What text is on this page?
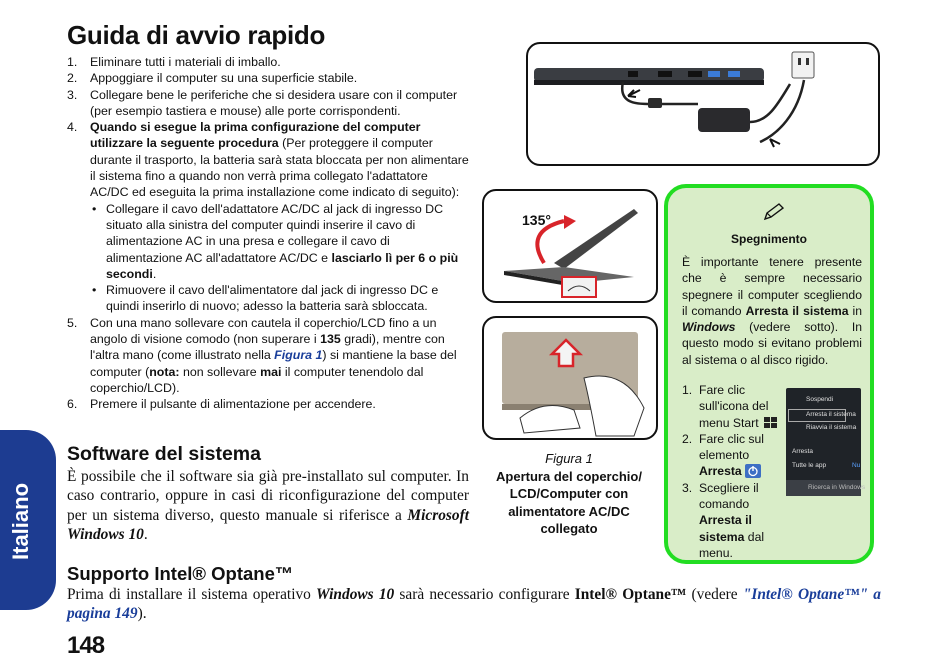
Italiano
Guida di avvio rapido
1. Eliminare tutti i materiali di imballo.
2. Appoggiare il computer su una superficie stabile.
3. Collegare bene le periferiche che si desidera usare con il computer (per esempio tastiera e mouse) alle porte corrispondenti.
4. Quando si esegue la prima configurazione del computer utilizzare la seguente procedura (Per proteggere il computer durante il trasporto, la batteria sarà stata bloccata per non alimentare il sistema fino a quando non verrà prima collegato l'adattatore AC/DC ed eseguita la prima installazione come indicato di seguito):
• Collegare il cavo dell'adattatore AC/DC al jack di ingresso DC situato alla sinistra del computer quindi inserire il cavo di alimentazione AC in una presa e collegare il cavo di alimentazione AC all'adattatore AC/DC e lasciarlo lì per 6 o più secondi.
• Rimuovere il cavo dell'alimentatore dal jack di ingresso DC e quindi inserirlo di nuovo; adesso la batteria sarà sbloccata.
5. Con una mano sollevare con cautela il coperchio/LCD fino a un angolo di visione comodo (non superare i 135 gradi), mentre con l'altra mano (come illustrato nella Figura 1) si mantiene la base del computer (nota: non sollevare mai il computer tenendolo dal coperchio/LCD).
6. Premere il pulsante di alimentazione per accendere.
Software del sistema
È possibile che il software sia già pre-installato sul computer. In caso contrario, oppure in casi di riconfigurazione del computer per un sistema diverso, questo manuale si riferisce a Microsoft Windows 10.
Supporto Intel® Optane™
Prima di installare il sistema operativo Windows 10 sarà necessario configurare Intel® Optane™ (vedere "Intel® Optane™" a pagina 149).
148
135°
Figura 1
Apertura del coperchio/ LCD/Computer con alimentatore AC/DC collegato
Spegnimento
È importante tenere presente che è sempre necessario spegnere il computer scegliendo il comando Arresta il sistema in Windows (vedere sotto). In questo modo si evitano problemi al sistema o al disco rigido.
1. Fare clic sull'icona del menu Start
2. Fare clic sul elemento Arresta
3. Scegliere il comando Arresta il sistema dal menu.
Sospendi
Arresta il sistema
Riavvia il sistema
Arresta
Tutte le app	Nu
Ricerca in Windows
